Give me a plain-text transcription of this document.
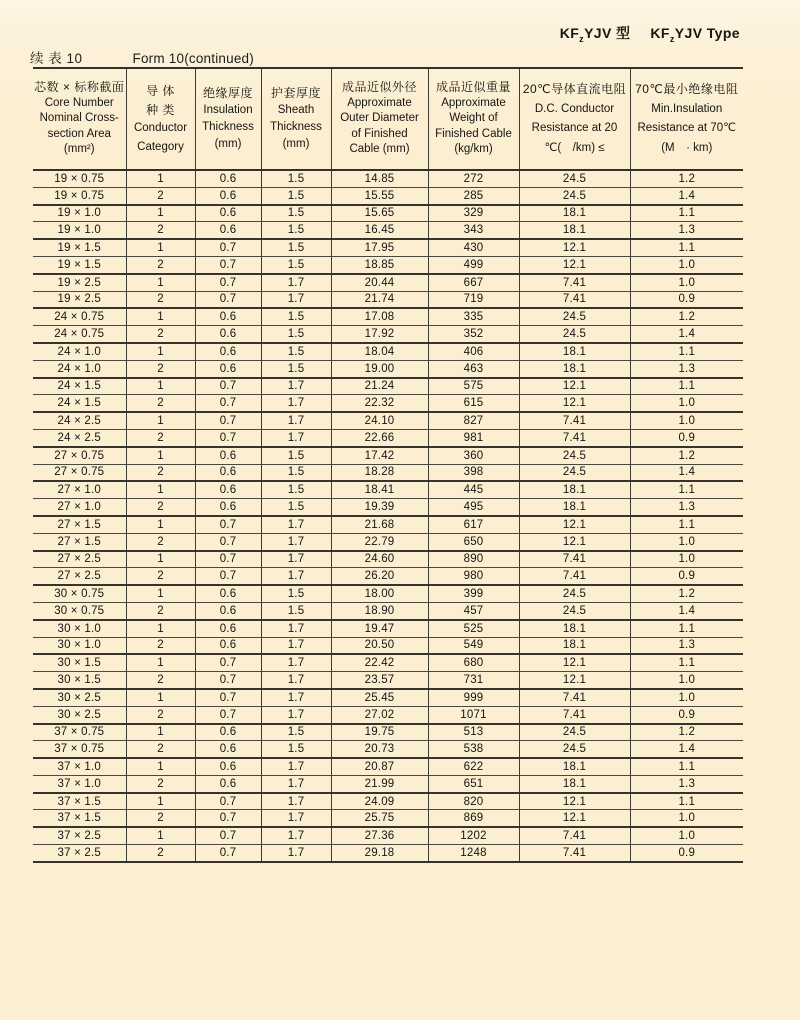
$KF_zYJV$ 型 $KF_zYJV$ Type
续 表 10	Form 10(continued)
芯数 × 标称截面
Core Number
Nominal Cross-
section Area
(mm²)

导 体
种 类
Conductor
Category

绝缘厚度
Insulation
Thickness
(mm)

护套厚度
Sheath
Thickness
(mm)

成品近似外径
Approximate
Outer Diameter
of Finished
Cable (mm)

成品近似重量
Approximate
Weight of
Finished Cable
(kg/km)

20℃导体直流电阻
D.C. Conductor
Resistance at 20
℃(　/km) ≤

70℃最小绝缘电阻
Min.Insulation
Resistance at 70℃
(M　· km)

19 × 0.75	1	0.6	1.5	14.85	272	24.5	1.2
19 × 0.75	2	0.6	1.5	15.55	285	24.5	1.4
19 × 1.0	1	0.6	1.5	15.65	329	18.1	1.1
19 × 1.0	2	0.6	1.5	16.45	343	18.1	1.3
19 × 1.5	1	0.7	1.5	17.95	430	12.1	1.1
19 × 1.5	2	0.7	1.5	18.85	499	12.1	1.0
19 × 2.5	1	0.7	1.7	20.44	667	7.41	1.0
19 × 2.5	2	0.7	1.7	21.74	719	7.41	0.9
24 × 0.75	1	0.6	1.5	17.08	335	24.5	1.2
24 × 0.75	2	0.6	1.5	17.92	352	24.5	1.4
24 × 1.0	1	0.6	1.5	18.04	406	18.1	1.1
24 × 1.0	2	0.6	1.5	19.00	463	18.1	1.3
24 × 1.5	1	0.7	1.7	21.24	575	12.1	1.1
24 × 1.5	2	0.7	1.7	22.32	615	12.1	1.0
24 × 2.5	1	0.7	1.7	24.10	827	7.41	1.0
24 × 2.5	2	0.7	1.7	22.66	981	7.41	0.9
27 × 0.75	1	0.6	1.5	17.42	360	24.5	1.2
27 × 0.75	2	0.6	1.5	18.28	398	24.5	1.4
27 × 1.0	1	0.6	1.5	18.41	445	18.1	1.1
27 × 1.0	2	0.6	1.5	19.39	495	18.1	1.3
27 × 1.5	1	0.7	1.7	21.68	617	12.1	1.1
27 × 1.5	2	0.7	1.7	22.79	650	12.1	1.0
27 × 2.5	1	0.7	1.7	24.60	890	7.41	1.0
27 × 2.5	2	0.7	1.7	26.20	980	7.41	0.9
30 × 0.75	1	0.6	1.5	18.00	399	24.5	1.2
30 × 0.75	2	0.6	1.5	18.90	457	24.5	1.4
30 × 1.0	1	0.6	1.7	19.47	525	18.1	1.1
30 × 1.0	2	0.6	1.7	20.50	549	18.1	1.3
30 × 1.5	1	0.7	1.7	22.42	680	12.1	1.1
30 × 1.5	2	0.7	1.7	23.57	731	12.1	1.0
30 × 2.5	1	0.7	1.7	25.45	999	7.41	1.0
30 × 2.5	2	0.7	1.7	27.02	1071	7.41	0.9
37 × 0.75	1	0.6	1.5	19.75	513	24.5	1.2
37 × 0.75	2	0.6	1.5	20.73	538	24.5	1.4
37 × 1.0	1	0.6	1.7	20.87	622	18.1	1.1
37 × 1.0	2	0.6	1.7	21.99	651	18.1	1.3
37 × 1.5	1	0.7	1.7	24.09	820	12.1	1.1
37 × 1.5	2	0.7	1.7	25.75	869	12.1	1.0
37 × 2.5	1	0.7	1.7	27.36	1202	7.41	1.0
37 × 2.5	2	0.7	1.7	29.18	1248	7.41	0.9
